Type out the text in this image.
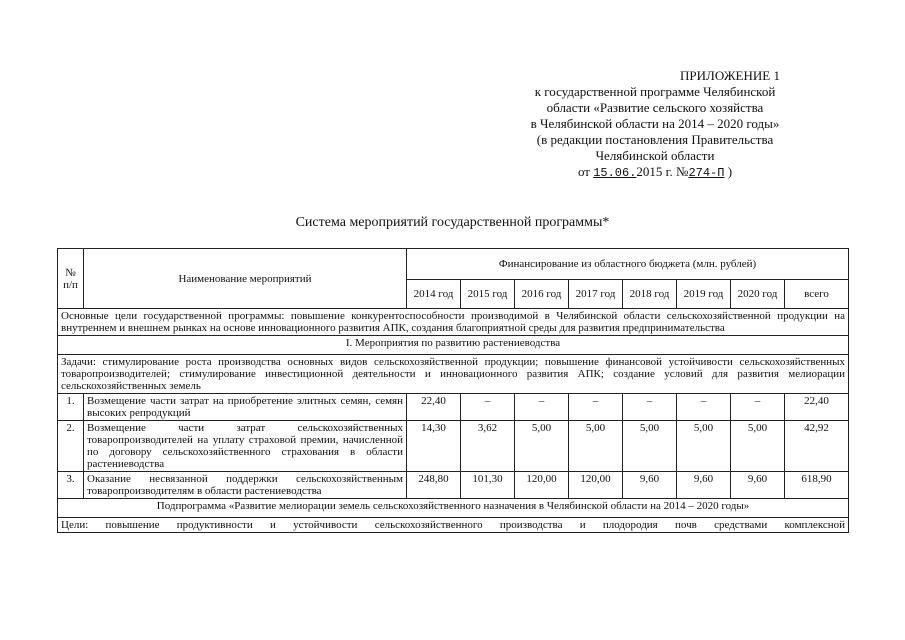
ПРИЛОЖЕНИЕ 1
к государственной программе Челябинской
области «Развитие сельского хозяйства
в Челябинской области на 2014 – 2020 годы»
(в редакции постановления Правительства
Челябинской области
от 15.06.2015 г. №274-П )
Система мероприятий государственной программы*
№ п/п	Наименование мероприятий	Финансирование из областного бюджета (млн. рублей)							
		2014 год	2015 год	2016 год	2017 год	2018 год	2019 год	2020 год	всего
Основные цели государственной программы: повышение конкурентоспособности производимой в Челябинской области сельскохозяйственной продукции на внутреннем и внешнем рынках на основе инновационного развития АПК, создания благоприятной среды для развития предпринимательства									
I. Мероприятия по развитию растениеводства									
Задачи: стимулирование роста производства основных видов сельскохозяйственной продукции; повышение финансовой устойчивости сельскохозяйственных товаропроизводителей; стимулирование инвестиционной деятельности и инновационного развития АПК; создание условий для развития мелиорации сельскохозяйственных земель									
1.	Возмещение части затрат на приобретение элитных семян, семян высоких репродукций	22,40	–	–	–	–	–	–	22,40
2.	Возмещение части затрат сельскохозяйственных товаропроизводителей на уплату страховой премии, начисленной по договору сельскохозяйственного страхования в области растениеводства	14,30	3,62	5,00	5,00	5,00	5,00	5,00	42,92
3.	Оказание несвязанной поддержки сельскохозяйственным товаропроизводителям в области растениеводства	248,80	101,30	120,00	120,00	9,60	9,60	9,60	618,90
Подпрограмма «Развитие мелиорации земель сельскохозяйственного назначения в Челябинской области на 2014 – 2020 годы»									
Цели: повышение продуктивности и устойчивости сельскохозяйственного производства и плодородия почв средствами комплексной									
